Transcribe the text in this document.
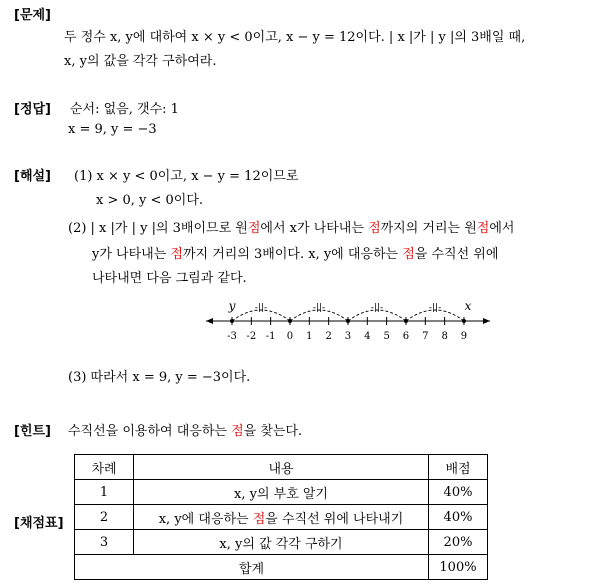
[문제]
두 정수 x, y에 대하여 x × y < 0이고, x − y = 12이다. | x |가 | y |의 3배일 때,
x, y의 값을 각각 구하여라.
[정답] 순서: 없음, 갯수: 1
x = 9, y = −3
[해설] (1) x × y < 0이고, x − y = 12이므로
x > 0, y < 0이다.
(2) | x |가 | y |의 3배이므로 원점에서 x가 나타내는 점까지의 거리는 원점에서
y가 나타내는 점까지 거리의 3배이다. x, y에 대응하는 점을 수직선 위에
나타내면 다음 그림과 같다.
-3 -2 -1 0 1 2 3 4 5 6 7 8 9
-||-	-||-	-||-	-||-
y	x
(3) 따라서 x = 9, y = −3이다.
[힌트] 수직선을 이용하여 대응하는 점을 찾는다.
[채점표]
차례	내용	배점
1	x, y의 부호 알기	40%
2	x, y에 대응하는 점을 수직선 위에 나타내기	40%
3	x, y의 값 각각 구하기	20%
합계		100%
